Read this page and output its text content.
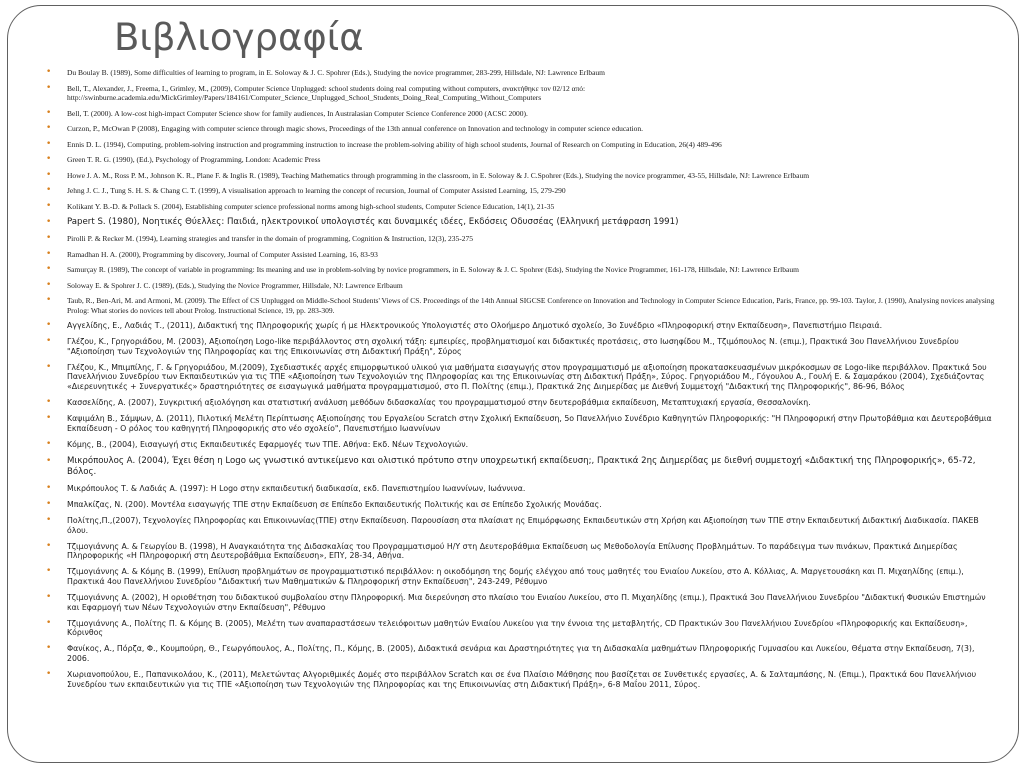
Βιβλιογραφία
• Du Boulay B. (1989), Some difficulties of learning to program, in E. Soloway & J. C. Spohrer (Eds.), Studying the novice programmer, 283-299, Hillsdale, NJ: Lawrence Erlbaum
• Bell, T., Alexander, J., Freema, I., Grimley, M., (2009), Computer Science Unplugged: school students doing real computing without computers, ανακτήθηκε τον 02/12 από: http://swinburne.academia.edu/MickGrimley/Papers/184161/Computer_Science_Unplugged_School_Students_Doing_Real_Computing_Without_Computers
• Bell, T. (2000). A low-cost high-impact Computer Science show for family audiences, In Australasian Computer Science Conference 2000 (ACSC 2000).
• Curzon, P., McOwan P (2008), Engaging with computer science through magic shows, Proceedings of the 13th annual conference on Innovation and technology in computer science education.
• Ennis D. L. (1994), Computing, problem-solving instruction and programming instruction to increase the problem-solving ability of high school students, Journal of Research on Computing in Education, 26(4) 489-496
• Green T. R. G. (1990), (Ed.), Psychology of Programming, London: Academic Press
• Howe J. A. M., Ross P. M., Johnson K. R., Plane F. & Inglis R. (1989), Teaching Mathematics through programming in the classroom, in E. Soloway & J. C.Spohrer (Eds.), Studying the novice programmer, 43-55, Hillsdale, NJ: Lawrence Erlbaum
• Jehng J. C. J., Tung S. H. S. & Chang C. T. (1999), A visualisation approach to learning the concept of recursion, Journal of Computer Assisted Learning, 15, 279-290
• Kolikant Y. B.-D. & Pollack S. (2004), Establishing computer science professional norms among high-school students, Computer Science Education, 14(1), 21-35
• Papert S. (1980), Νοητικές Θύελλες: Παιδιά, ηλεκτρονικοί υπολογιστές και δυναμικές ιδέες, Εκδόσεις Οδυσσέας (Ελληνική μετάφραση 1991)
• Pirolli P. & Recker M. (1994), Learning strategies and transfer in the domain of programming, Cognition & Instruction, 12(3), 235-275
• Ramadhan H. A. (2000), Programming by discovery, Journal of Computer Assisted Learning, 16, 83-93
• Samurçay R. (1989), The concept of variable in programming: Its meaning and use in problem-solving by novice programmers, in E. Soloway & J. C. Spohrer (Eds), Studying the Novice Programmer, 161-178, Hillsdale, NJ: Lawrence Erlbaum
• Soloway E. & Spohrer J. C. (1989), (Eds.), Studying the Novice Programmer, Hillsdale, NJ: Lawrence Erlbaum
• Taub, R., Ben-Ari, M. and Armoni, M. (2009). The Effect of CS Unplugged on Middle-School Students' Views of CS. Proceedings of the 14th Annual SIGCSE Conference on Innovation and Technology in Computer Science Education, Paris, France, pp. 99-103. Taylor, J. (1990), Analysing novices analysing Prolog: What stories do novices tell about Prolog. Instructional Science, 19, pp. 283-309.
• Αγγελίδης, Ε., Λαδιάς Τ., (2011), Διδακτική της Πληροφορικής χωρίς ή με Ηλεκτρονικούς Υπολογιστές στο Ολοήμερο Δημοτικό σχολείο, 3ο Συνέδριο «Πληροφορική στην Εκπαίδευση», Πανεπιστήμιο Πειραιά.
• Γλέζου, Κ., Γρηγοριάδου, Μ. (2003), Αξιοποίηση Logo-like περιβάλλοντος στη σχολική τάξη: εμπειρίες, προβληματισμοί και διδακτικές προτάσεις, στο Ιωσηφίδου Μ., Τζιμόπουλος Ν. (επιμ.), Πρακτικά 3ου Πανελλήνιου Συνεδρίου "Αξιοποίηση των Τεχνολογιών της Πληροφορίας και της Επικοινωνίας στη Διδακτική Πράξη", Σύρος
• Γλέζου, Κ., Μπιμπίλης, Γ. & Γρηγοριάδου, Μ.(2009), Σχεδιαστικές αρχές επιμορφωτικού υλικού για μαθήματα εισαγωγής στον προγραμματισμό με αξιοποίηση προκατασκευασμένων μικρόκοσμων σε Logo-like περιβάλλον. Πρακτικά 5ου Πανελλήνιου Συνεδρίου των Εκπαιδευτικών για τις ΤΠΕ «Αξιοποίηση των Τεχνολογιών της Πληροφορίας και της Επικοινωνίας στη Διδακτική Πράξη», Σύρος. Γρηγοριάδου Μ., Γόγουλου Α., Γουλή Ε. & Σαμαράκου (2004), Σχεδιάζοντας «Διερευνητικές + Συνεργατικές» δραστηριότητες σε εισαγωγικά μαθήματα προγραμματισμού, στο Π. Πολίτης (επιμ.), Πρακτικά 2ης Διημερίδας με Διεθνή Συμμετοχή "Διδακτική της Πληροφορικής", 86-96, Βόλος
• Κασσελίδης, Α. (2007), Συγκριτική αξιολόγηση και στατιστική ανάλυση μεθόδων διδασκαλίας του προγραμματισμού στην δευτεροβάθμια εκπαίδευση, Μεταπτυχιακή εργασία, Θεσσαλονίκη.
• Καψιμάλη Β., Σάμψων, Δ. (2011), Πιλοτική Μελέτη Περίπτωσης Αξιοποίησης του Εργαλείου Scratch στην Σχολική Εκπαίδευση, 5ο Πανελλήνιο Συνέδριο Καθηγητών Πληροφορικής: "Η Πληροφορική στην Πρωτοβάθμια και Δευτεροβάθμια Εκπαίδευση - Ο ρόλος του καθηγητή Πληροφορικής στο νέο σχολείο", Πανεπιστήμιο Ιωαννίνων
• Κόμης, Β., (2004), Εισαγωγή στις Εκπαιδευτικές Εφαρμογές των ΤΠΕ. Αθήνα: Εκδ. Νέων Τεχνολογιών.
• Μικρόπουλος Α. (2004), Έχει θέση η Logo ως γνωστικό αντικείμενο και ολιστικό πρότυπο στην υποχρεωτική εκπαίδευση;, Πρακτικά 2ης Διημερίδας με διεθνή συμμετοχή «Διδακτική της Πληροφορικής», 65-72, Βόλος.
• Μικρόπουλος Τ. & Λαδιάς Α. (1997): Η Logo στην εκπαιδευτική διαδικασία, εκδ. Πανεπιστημίου Ιωαννίνων, Ιωάννινα.
• Μπαλκίζας, Ν. (200). Μοντέλα εισαγωγής ΤΠΕ στην Εκπαίδευση σε Επίπεδο Εκπαιδευτικής Πολιτικής και σε Επίπεδο Σχολικής Μονάδας.
• Πολίτης,Π.,(2007), Τεχνολογίες Πληροφορίας και Επικοινωνίας(ΤΠΕ) στην Εκπαίδευση. Παρουσίαση στα πλαίσιατ ης Επιμόρφωσης Εκπαιδευτικών στη Χρήση και Αξιοποίηση των ΤΠΕ στην Εκπαιδευτική Διδακτική Διαδικασία. ΠΑΚΕΒ όλου.
• Τζιμογιάννης Α. & Γεωργίου Β. (1998), Η Αναγκαιότητα της Διδασκαλίας του Προγραμματισμού Η/Υ στη Δευτεροβάθμια Εκπαίδευση ως Μεθοδολογία Επίλυσης Προβλημάτων. Το παράδειγμα των πινάκων, Πρακτικά Διημερίδας Πληροφορικής «Η Πληροφορική στη Δευτεροβάθμια Εκπαίδευση», ΕΠΥ, 28-34, Αθήνα.
• Τζιμογιάννης Α. & Κόμης Β. (1999), Επίλυση προβλημάτων σε προγραμματιστικό περιβάλλον: η οικοδόμηση της δομής ελέγχου από τους μαθητές του Ενιαίου Λυκείου, στο Α. Κόλλιας, Α. Μαργετουσάκη και Π. Μιχαηλίδης (επιμ.), Πρακτικά 4ου Πανελλήνιου Συνεδρίου "Διδακτική των Μαθηματικών & Πληροφορική στην Εκπαίδευση", 243-249, Ρέθυμνο
• Τζιμογιάννης Α. (2002), Η οριοθέτηση του διδακτικού συμβολαίου στην Πληροφορική. Μια διερεύνηση στο πλαίσιο του Ενιαίου Λυκείου, στο Π. Μιχαηλίδης (επιμ.), Πρακτικά 3ου Πανελλήνιου Συνεδρίου "Διδακτική Φυσικών Επιστημών και Εφαρμογή των Νέων Τεχνολογιών στην Εκπαίδευση", Ρέθυμνο
• Τζιμογιάννης Α., Πολίτης Π. & Κόμης Β. (2005), Μελέτη των αναπαραστάσεων τελειόφοιτων μαθητών Ενιαίου Λυκείου για την έννοια της μεταβλητής, CD Πρακτικών 3ου Πανελλήνιου Συνεδρίου «Πληροφορικής και Εκπαίδευση», Κόρινθος
• Φανίκος, Α., Πόρζα, Φ., Κουμπούρη, Θ., Γεωργόπουλος, Α., Πολίτης, Π., Κόμης, Β. (2005), Διδακτικά σενάρια και Δραστηριότητες για τη Διδασκαλία μαθημάτων Πληροφορικής Γυμνασίου και Λυκείου, Θέματα στην Εκπαίδευση, 7(3), 2006.
• Χωριανοπούλου, Ε., Παπανικολάου, Κ., (2011), Μελετώντας Αλγοριθμικές Δομές στο περιβάλλον Scratch και σε ένα Πλαίσιο Μάθησης που βασίζεται σε Συνθετικές εργασίες, Α. & Σαλταμπάσης, Ν. (Επιμ.), Πρακτικά 6ου Πανελλήνιου Συνεδρίου των εκπαιδευτικών για τις ΤΠΕ «Αξιοποίηση των Τεχνολογιών της Πληροφορίας και της Επικοινωνίας στη Διδακτική Πράξη», 6-8 Μαΐου 2011, Σύρος.
